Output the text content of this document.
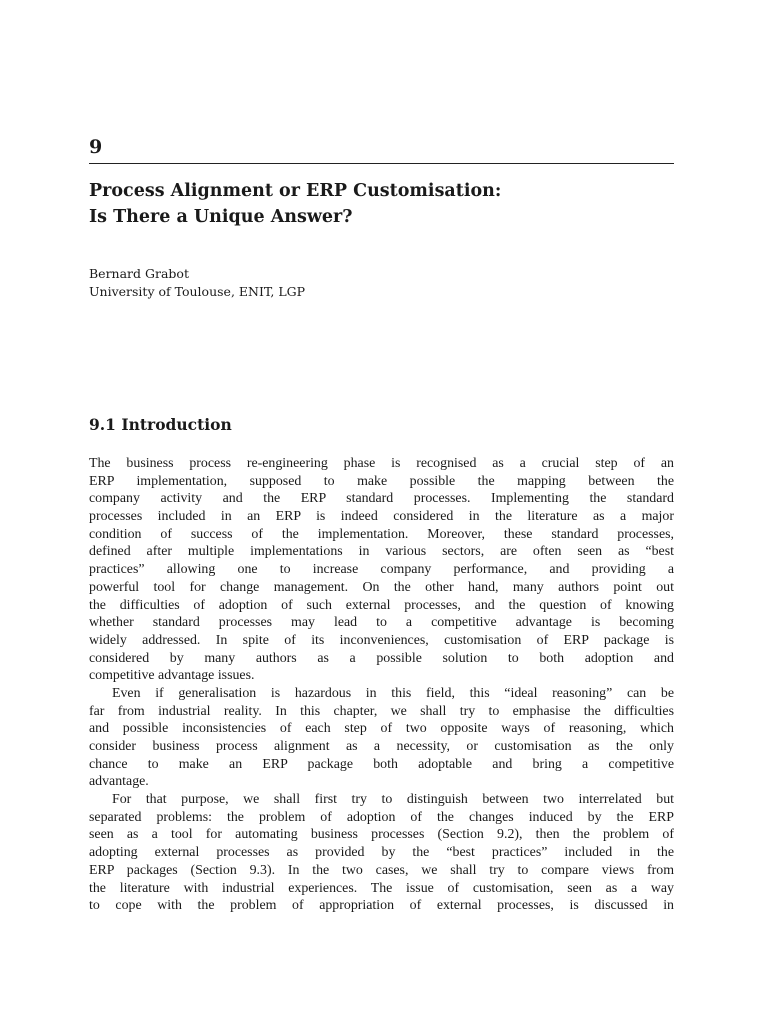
9
Process Alignment or ERP Customisation:
Is There a Unique Answer?
Bernard Grabot
University of Toulouse, ENIT, LGP
9.1 Introduction
The business process re-engineering phase is recognised as a crucial step of an
ERP implementation, supposed to make possible the mapping between the
company activity and the ERP standard processes. Implementing the standard
processes included in an ERP is indeed considered in the literature as a major
condition of success of the implementation. Moreover, these standard processes,
defined after multiple implementations in various sectors, are often seen as “best
practices” allowing one to increase company performance, and providing a
powerful tool for change management. On the other hand, many authors point out
the difficulties of adoption of such external processes, and the question of knowing
whether standard processes may lead to a competitive advantage is becoming
widely addressed. In spite of its inconveniences, customisation of ERP package is
considered by many authors as a possible solution to both adoption and
competitive advantage issues.
Even if generalisation is hazardous in this field, this “ideal reasoning” can be
far from industrial reality. In this chapter, we shall try to emphasise the difficulties
and possible inconsistencies of each step of two opposite ways of reasoning, which
consider business process alignment as a necessity, or customisation as the only
chance to make an ERP package both adoptable and bring a competitive
advantage.
For that purpose, we shall first try to distinguish between two interrelated but
separated problems: the problem of adoption of the changes induced by the ERP
seen as a tool for automating business processes (Section 9.2), then the problem of
adopting external processes as provided by the “best practices” included in the
ERP packages (Section 9.3). In the two cases, we shall try to compare views from
the literature with industrial experiences. The issue of customisation, seen as a way
to cope with the problem of appropriation of external processes, is discussed in
